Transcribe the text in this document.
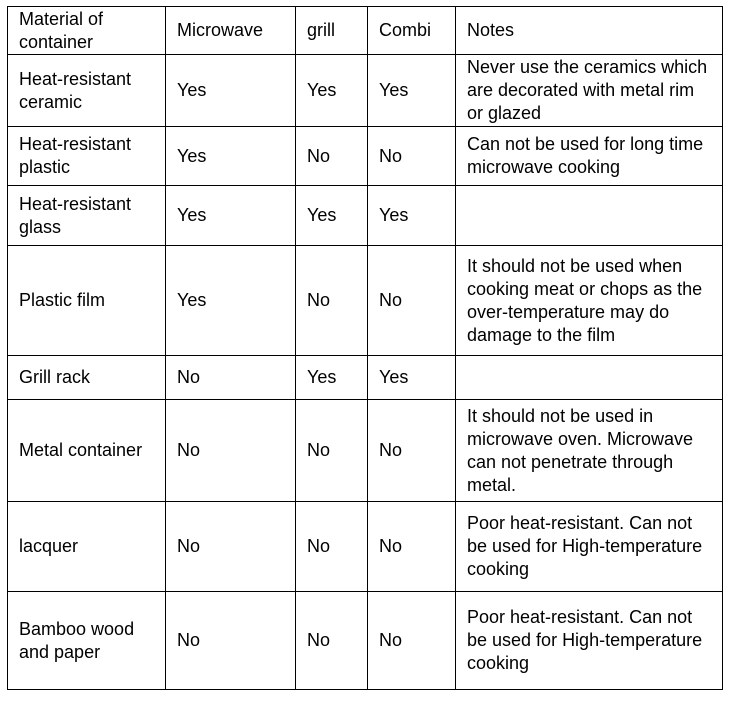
Material of container	Microwave	grill	Combi	Notes
Heat-resistant ceramic	Yes	Yes	Yes	Never use the ceramics which are decorated with metal rim or glazed
Heat-resistant plastic	Yes	No	No	Can not be used for long time microwave cooking
Heat-resistant glass	Yes	Yes	Yes	
Plastic film	Yes	No	No	It should not be used when cooking meat or chops as the over-temperature may do damage to the film
Grill rack	No	Yes	Yes	
Metal container	No	No	No	It should not be used in microwave oven. Microwave can not penetrate through metal.
lacquer	No	No	No	Poor heat-resistant. Can not be used for High-temperature cooking
Bamboo wood and paper	No	No	No	Poor heat-resistant. Can not be used for High-temperature cooking
